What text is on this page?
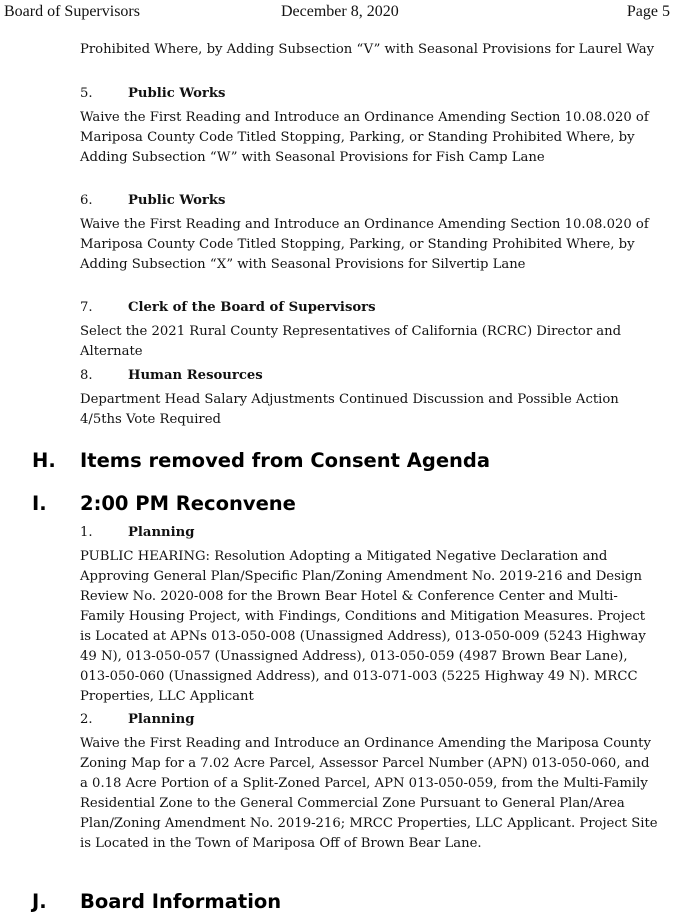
Board of Supervisors	December 8, 2020	Page 5
Prohibited Where, by Adding Subsection “V” with Seasonal Provisions for Laurel Way
5.	Public Works
Waive the First Reading and Introduce an Ordinance Amending Section 10.08.020 of Mariposa County Code Titled Stopping, Parking, or Standing Prohibited Where, by Adding Subsection “W” with Seasonal Provisions for Fish Camp Lane
6.	Public Works
Waive the First Reading and Introduce an Ordinance Amending Section 10.08.020 of Mariposa County Code Titled Stopping, Parking, or Standing Prohibited Where, by Adding Subsection “X” with Seasonal Provisions for Silvertip Lane
7.	Clerk of the Board of Supervisors
Select the 2021 Rural County Representatives of California (RCRC) Director and Alternate
8.	Human Resources
Department Head Salary Adjustments Continued Discussion and Possible Action 4/5ths Vote Required
H. Items removed from Consent Agenda
I. 2:00 PM Reconvene
1.	Planning
PUBLIC HEARING: Resolution Adopting a Mitigated Negative Declaration and Approving General Plan/Specific Plan/Zoning Amendment No. 2019-216 and Design Review No. 2020-008 for the Brown Bear Hotel & Conference Center and Multi-Family Housing Project, with Findings, Conditions and Mitigation Measures. Project is Located at APNs 013-050-008 (Unassigned Address), 013-050-009 (5243 Highway 49 N), 013-050-057 (Unassigned Address), 013-050-059 (4987 Brown Bear Lane), 013-050-060 (Unassigned Address), and 013-071-003 (5225 Highway 49 N). MRCC Properties, LLC Applicant
2.	Planning
Waive the First Reading and Introduce an Ordinance Amending the Mariposa County Zoning Map for a 7.02 Acre Parcel, Assessor Parcel Number (APN) 013-050-060, and a 0.18 Acre Portion of a Split-Zoned Parcel, APN 013-050-059, from the Multi-Family Residential Zone to the General Commercial Zone Pursuant to General Plan/Area Plan/Zoning Amendment No. 2019-216; MRCC Properties, LLC Applicant. Project Site is Located in the Town of Mariposa Off of Brown Bear Lane.
J. Board Information
